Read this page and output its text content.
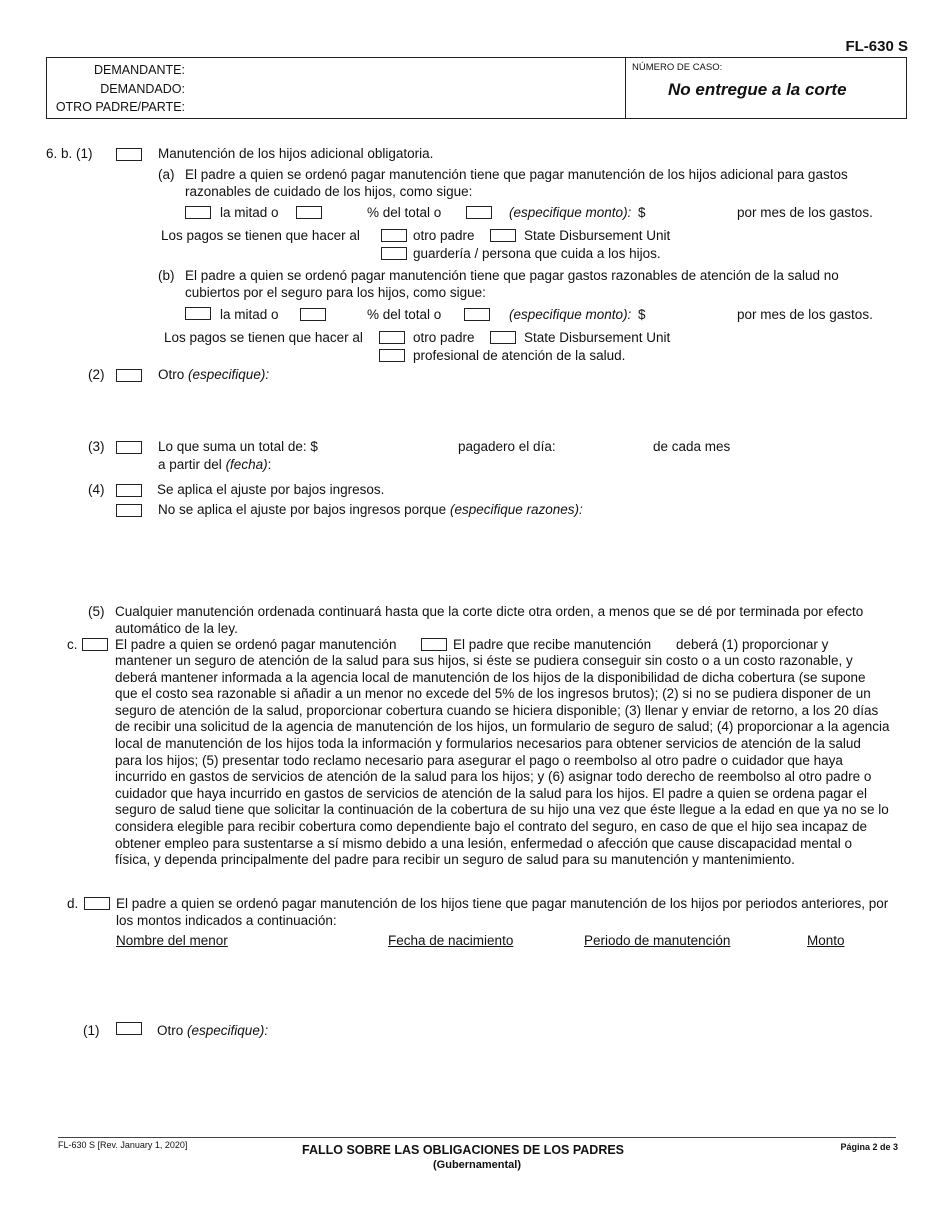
FL-630 S
DEMANDANTE:
DEMANDADO:
OTRO PADRE/PARTE:
NÚMERO DE CASO:
No entregue a la corte
6. b. (1)	Manutención de los hijos adicional obligatoria.
(a) El padre a quien se ordenó pagar manutención tiene que pagar manutención de los hijos adicional para gastos razonables de cuidado de los hijos, como sigue:
la mitad o	% del total o	(especifique monto): $	por mes de los gastos.
Los pagos se tienen que hacer al	otro padre	State Disbursement Unit
guardería / persona que cuida a los hijos.
(b) El padre a quien se ordenó pagar manutención tiene que pagar gastos razonables de atención de la salud no cubiertos por el seguro para los hijos, como sigue:
la mitad o	% del total o	(especifique monto): $	por mes de los gastos.
Los pagos se tienen que hacer al	otro padre	State Disbursement Unit
profesional de atención de la salud.
(2)	Otro (especifique):
(3)	Lo que suma un total de: $	pagadero el día:	de cada mes
a partir del (fecha):
(4)	Se aplica el ajuste por bajos ingresos.
No se aplica el ajuste por bajos ingresos porque (especifique razones):
(5) Cualquier manutención ordenada continuará hasta que la corte dicte otra orden, a menos que se dé por terminada por efecto automático de la ley.
c.	El padre a quien se ordenó pagar manutención	El padre que recibe manutención deberá (1) proporcionar y
mantener un seguro de atención de la salud para sus hijos, si éste se pudiera conseguir sin costo o a un costo razonable, y deberá mantener informada a la agencia local de manutención de los hijos de la disponibilidad de dicha cobertura (se supone que el costo sea razonable si añadir a un menor no excede del 5% de los ingresos brutos); (2) si no se pudiera disponer de un seguro de atención de la salud, proporcionar cobertura cuando se hiciera disponible; (3) llenar y enviar de retorno, a los 20 días de recibir una solicitud de la agencia de manutención de los hijos, un formulario de seguro de salud; (4) proporcionar a la agencia local de manutención de los hijos toda la información y formularios necesarios para obtener servicios de atención de la salud para los hijos; (5) presentar todo reclamo necesario para asegurar el pago o reembolso al otro padre o cuidador que haya incurrido en gastos de servicios de atención de la salud para los hijos; y (6) asignar todo derecho de reembolso al otro padre o cuidador que haya incurrido en gastos de servicios de atención de la salud para los hijos. El padre a quien se ordena pagar el seguro de salud tiene que solicitar la continuación de la cobertura de su hijo una vez que éste llegue a la edad en que ya no se lo considera elegible para recibir cobertura como dependiente bajo el contrato del seguro, en caso de que el hijo sea incapaz de obtener empleo para sustentarse a sí mismo debido a una lesión, enfermedad o afección que cause discapacidad mental o física, y dependa principalmente del padre para recibir un seguro de salud para su manutención y mantenimiento.
d.	El padre a quien se ordenó pagar manutención de los hijos tiene que pagar manutención de los hijos por periodos anteriores, por los montos indicados a continuación:
Nombre del menor	Fecha de nacimiento	Periodo de manutención	Monto
(1)	Otro (especifique):
FL-630 S [Rev. January 1, 2020]	FALLO SOBRE LAS OBLIGACIONES DE LOS PADRES
(Gubernamental)
Página 2 de 3
